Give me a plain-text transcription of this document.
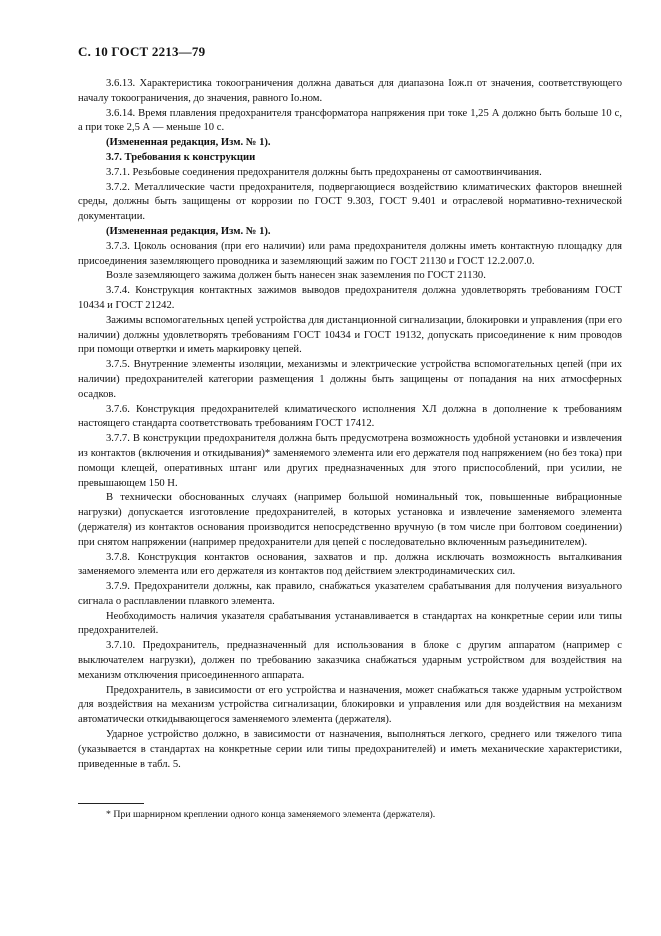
С. 10 ГОСТ 2213—79

3.6.13. Характеристика токоограничения должна даваться для диапазона Iож.п от значения, соответствующего началу токоограничения, до значения, равного Iо.ном.

3.6.14. Время плавления предохранителя трансформатора напряжения при токе 1,25 А должно быть больше 10 с, а при токе 2,5 А — меньше 10 с.

(Измененная редакция, Изм. № 1).

3.7. Требования к конструкции

3.7.1. Резьбовые соединения предохранителя должны быть предохранены от самоотвинчивания.

3.7.2. Металлические части предохранителя, подвергающиеся воздействию климатических факторов внешней среды, должны быть защищены от коррозии по ГОСТ 9.303, ГОСТ 9.401 и отраслевой нормативно-технической документации.

(Измененная редакция, Изм. № 1).

3.7.3. Цоколь основания (при его наличии) или рама предохранителя должны иметь контактную площадку для присоединения заземляющего проводника и заземляющий зажим по ГОСТ 21130 и ГОСТ 12.2.007.0.

Возле заземляющего зажима должен быть нанесен знак заземления по ГОСТ 21130.

3.7.4. Конструкция контактных зажимов выводов предохранителя должна удовлетворять требованиям ГОСТ 10434 и ГОСТ 21242.

Зажимы вспомогательных цепей устройства для дистанционной сигнализации, блокировки и управления (при его наличии) должны удовлетворять требованиям ГОСТ 10434 и ГОСТ 19132, допускать присоединение к ним проводов при помощи отвертки и иметь маркировку цепей.

3.7.5. Внутренние элементы изоляции, механизмы и электрические устройства вспомогательных цепей (при их наличии) предохранителей категории размещения 1 должны быть защищены от попадания на них атмосферных осадков.

3.7.6. Конструкция предохранителей климатического исполнения ХЛ должна в дополнение к требованиям настоящего стандарта соответствовать требованиям ГОСТ 17412.

3.7.7. В конструкции предохранителя должна быть предусмотрена возможность удобной установки и извлечения из контактов (включения и откидывания)* заменяемого элемента или его держателя под напряжением (но без тока) при помощи клещей, оперативных штанг или других предназначенных для этого приспособлений, при усилии, не превышающем 150 Н.

В технически обоснованных случаях (например большой номинальный ток, повышенные вибрационные нагрузки) допускается изготовление предохранителей, в которых установка и извлечение заменяемого элемента (держателя) из контактов основания производится непосредственно вручную (в том числе при болтовом соединении) при снятом напряжении (например предохранители для цепей с последовательно включенным разъединителем).

3.7.8. Конструкция контактов основания, захватов и пр. должна исключать возможность выталкивания заменяемого элемента или его держателя из контактов под действием электродинамических сил.

3.7.9. Предохранители должны, как правило, снабжаться указателем срабатывания для получения визуального сигнала о расплавлении плавкого элемента.

Необходимость наличия указателя срабатывания устанавливается в стандартах на конкретные серии или типы предохранителей.

3.7.10. Предохранитель, предназначенный для использования в блоке с другим аппаратом (например с выключателем нагрузки), должен по требованию заказчика снабжаться ударным устройством для воздействия на механизм отключения присоединенного аппарата.

Предохранитель, в зависимости от его устройства и назначения, может снабжаться также ударным устройством для воздействия на механизм устройства сигнализации, блокировки и управления или для воздействия на механизм автоматически откидывающегося заменяемого элемента (держателя).

Ударное устройство должно, в зависимости от назначения, выполняться легкого, среднего или тяжелого типа (указывается в стандартах на конкретные серии или типы предохранителей) и иметь механические характеристики, приведенные в табл. 5.

* При шарнирном креплении одного конца заменяемого элемента (держателя).
